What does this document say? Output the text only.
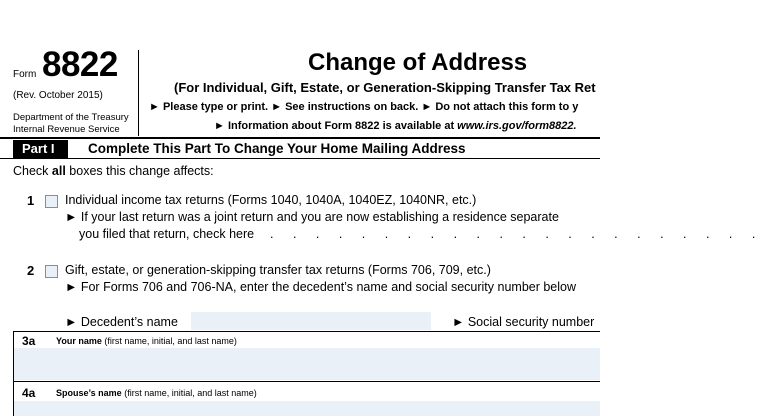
Form 8822
(Rev. October 2015)
Department of the Treasury Internal Revenue Service
Change of Address
(For Individual, Gift, Estate, or Generation-Skipping Transfer Tax Ret
► Please type or print. ► See instructions on back. ► Do not attach this form to y
► Information about Form 8822 is available at www.irs.gov/form8822.
Part I	Complete This Part To Change Your Home Mailing Address
Check all boxes this change affects:
1 Individual income tax returns (Forms 1040, 1040A, 1040EZ, 1040NR, etc.)
► If your last return was a joint return and you are now establishing a residence separate
you filed that return, check here . . . . . . . . . . . . . . . . . . . . . .
2 Gift, estate, or generation-skipping transfer tax returns (Forms 706, 709, etc.)
► For Forms 706 and 706-NA, enter the decedent’s name and social security number below
► Decedent’s name	► Social security number
3a Your name (first name, initial, and last name)
4a Spouse’s name (first name, initial, and last name)
